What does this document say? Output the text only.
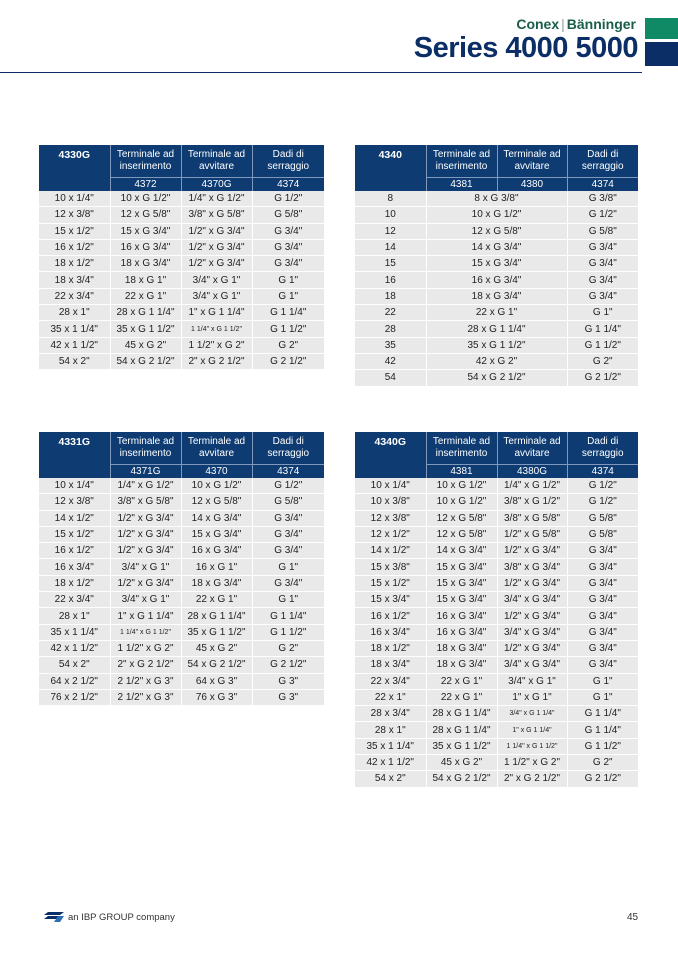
Conex | Bänninger
Series 4000 5000
4330G	Terminale ad inserimento	Terminale ad avvitare	Dadi di serraggio
	4372	4370G	4374
10 x 1/4"	10 x G 1/2"	1/4" x G 1/2"	G 1/2"
12 x 3/8"	12 x G 5/8"	3/8" x G 5/8"	G 5/8"
15 x 1/2"	15 x G 3/4"	1/2" x G 3/4"	G 3/4"
16 x 1/2"	16 x G 3/4"	1/2" x G 3/4"	G 3/4"
18 x 1/2"	18 x G 3/4"	1/2" x G 3/4"	G 3/4"
18 x 3/4"	18 x G 1"	3/4" x G 1"	G 1"
22 x 3/4"	22 x G 1"	3/4" x G 1"	G 1"
28 x 1"	28 x G 1 1/4"	1" x G 1 1/4"	G 1 1/4"
35 x 1 1/4"	35 x G 1 1/2"	1 1/4" x G 1 1/2"	G 1 1/2"
42 x 1 1/2"	45 x G 2"	1 1/2" x G 2"	G 2"
54 x 2"	54 x G 2 1/2"	2" x G 2 1/2"	G 2 1/2"
4340	Terminale ad inserimento	Terminale ad avvitare	Dadi di serraggio
	4381	4380	4374
8	8 x G 3/8"		G 3/8"
10	10 x G 1/2"		G 1/2"
12	12 x G 5/8"		G 5/8"
14	14 x G 3/4"		G 3/4"
15	15 x G 3/4"		G 3/4"
16	16 x G 3/4"		G 3/4"
18	18 x G 3/4"		G 3/4"
22	22 x G 1"		G 1"
28	28 x G 1 1/4"		G 1 1/4"
35	35 x G 1 1/2"		G 1 1/2"
42	42 x G 2"		G 2"
54	54 x G 2 1/2"		G 2 1/2"
4331G	Terminale ad inserimento	Terminale ad avvitare	Dadi di serraggio
	4371G	4370	4374
10 x 1/4"	1/4" x G 1/2"	10 x G 1/2"	G 1/2"
12 x 3/8"	3/8" x G 5/8"	12 x G 5/8"	G 5/8"
14 x 1/2"	1/2" x G 3/4"	14 x G 3/4"	G 3/4"
15 x 1/2"	1/2" x G 3/4"	15 x G 3/4"	G 3/4"
16 x 1/2"	1/2" x G 3/4"	16 x G 3/4"	G 3/4"
16 x 3/4"	3/4" x G 1"	16 x G 1"	G 1"
18 x 1/2"	1/2" x G 3/4"	18 x G 3/4"	G 3/4"
22 x 3/4"	3/4" x G 1"	22 x G 1"	G 1"
28 x 1"	1" x G 1 1/4"	28 x G 1 1/4"	G 1 1/4"
35 x 1 1/4"	1 1/4" x G 1 1/2"	35 x G 1 1/2"	G 1 1/2"
42 x 1 1/2"	1 1/2" x G 2"	45 x G 2"	G 2"
54 x 2"	2" x G 2 1/2"	54 x G 2 1/2"	G 2 1/2"
64 x 2 1/2"	2 1/2" x G 3"	64 x G 3"	G 3"
76 x 2 1/2"	2 1/2" x G 3"	76 x G 3"	G 3"
4340G	Terminale ad inserimento	Terminale ad avvitare	Dadi di serraggio
	4381	4380G	4374
10 x 1/4"	10 x G 1/2"	1/4" x G 1/2"	G 1/2"
10 x 3/8"	10 x G 1/2"	3/8" x G 1/2"	G 1/2"
12 x 3/8"	12 x G 5/8"	3/8" x G 5/8"	G 5/8"
12 x 1/2"	12 x G 5/8"	1/2" x G 5/8"	G 5/8"
14 x 1/2"	14 x G 3/4"	1/2" x G 3/4"	G 3/4"
15 x 3/8"	15 x G 3/4"	3/8" x G 3/4"	G 3/4"
15 x 1/2"	15 x G 3/4"	1/2" x G 3/4"	G 3/4"
15 x 3/4"	15 x G 3/4"	3/4" x G 3/4"	G 3/4"
16 x 1/2"	16 x G 3/4"	1/2" x G 3/4"	G 3/4"
16 x 3/4"	16 x G 3/4"	3/4" x G 3/4"	G 3/4"
18 x 1/2"	18 x G 3/4"	1/2" x G 3/4"	G 3/4"
18 x 3/4"	18 x G 3/4"	3/4" x G 3/4"	G 3/4"
22 x 3/4"	22 x G 1"	3/4" x G 1"	G 1"
22 x 1"	22 x G 1"	1" x G 1"	G 1"
28 x 3/4"	28 x G 1 1/4"	3/4" x G 1 1/4"	G 1 1/4"
28 x 1"	28 x G 1 1/4"	1" x G 1 1/4"	G 1 1/4"
35 x 1 1/4"	35 x G 1 1/2"	1 1/4" x G 1 1/2"	G 1 1/2"
42 x 1 1/2"	45 x G 2"	1 1/2" x G 2"	G 2"
54 x 2"	54 x G 2 1/2"	2" x G 2 1/2"	G 2 1/2"
an IBP GROUP company	45
